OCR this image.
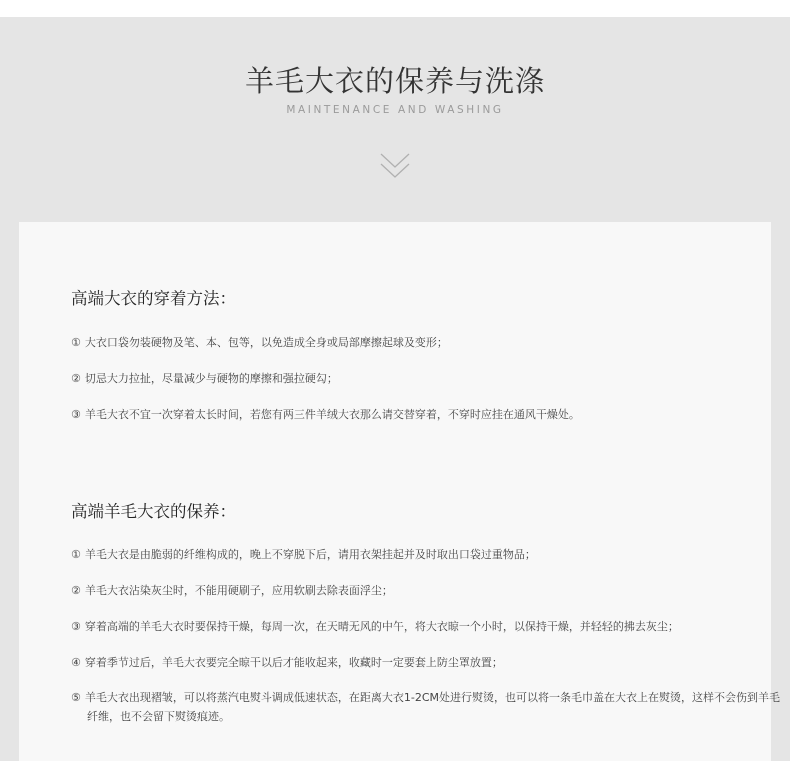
羊毛大衣的保养与洗涤
MAINTENANCE AND WASHING
高端大衣的穿着方法：
① 大衣口袋勿装硬物及笔、本、包等，以免造成全身或局部摩擦起球及变形；
② 切忌大力拉扯，尽量减少与硬物的摩擦和强拉硬勾；
③ 羊毛大衣不宜一次穿着太长时间，若您有两三件羊绒大衣那么请交替穿着，不穿时应挂在通风干燥处。
高端羊毛大衣的保养：
① 羊毛大衣是由脆弱的纤维构成的，晚上不穿脱下后，请用衣架挂起并及时取出口袋过重物品；
② 羊毛大衣沾染灰尘时，不能用硬刷子，应用软刷去除表面浮尘；
③ 穿着高端的羊毛大衣时要保持干燥，每周一次，在天晴无风的中午，将大衣晾一个小时，以保持干燥，并轻轻的拂去灰尘；
④ 穿着季节过后，羊毛大衣要完全晾干以后才能收起来，收藏时一定要套上防尘罩放置；
⑤ 羊毛大衣出现褶皱，可以将蒸汽电熨斗调成低速状态，在距离大衣1-2CM处进行熨烫，也可以将一条毛巾盖在大衣上在熨烫，这样不会伤到羊毛纤维，也不会留下熨烫痕迹。
